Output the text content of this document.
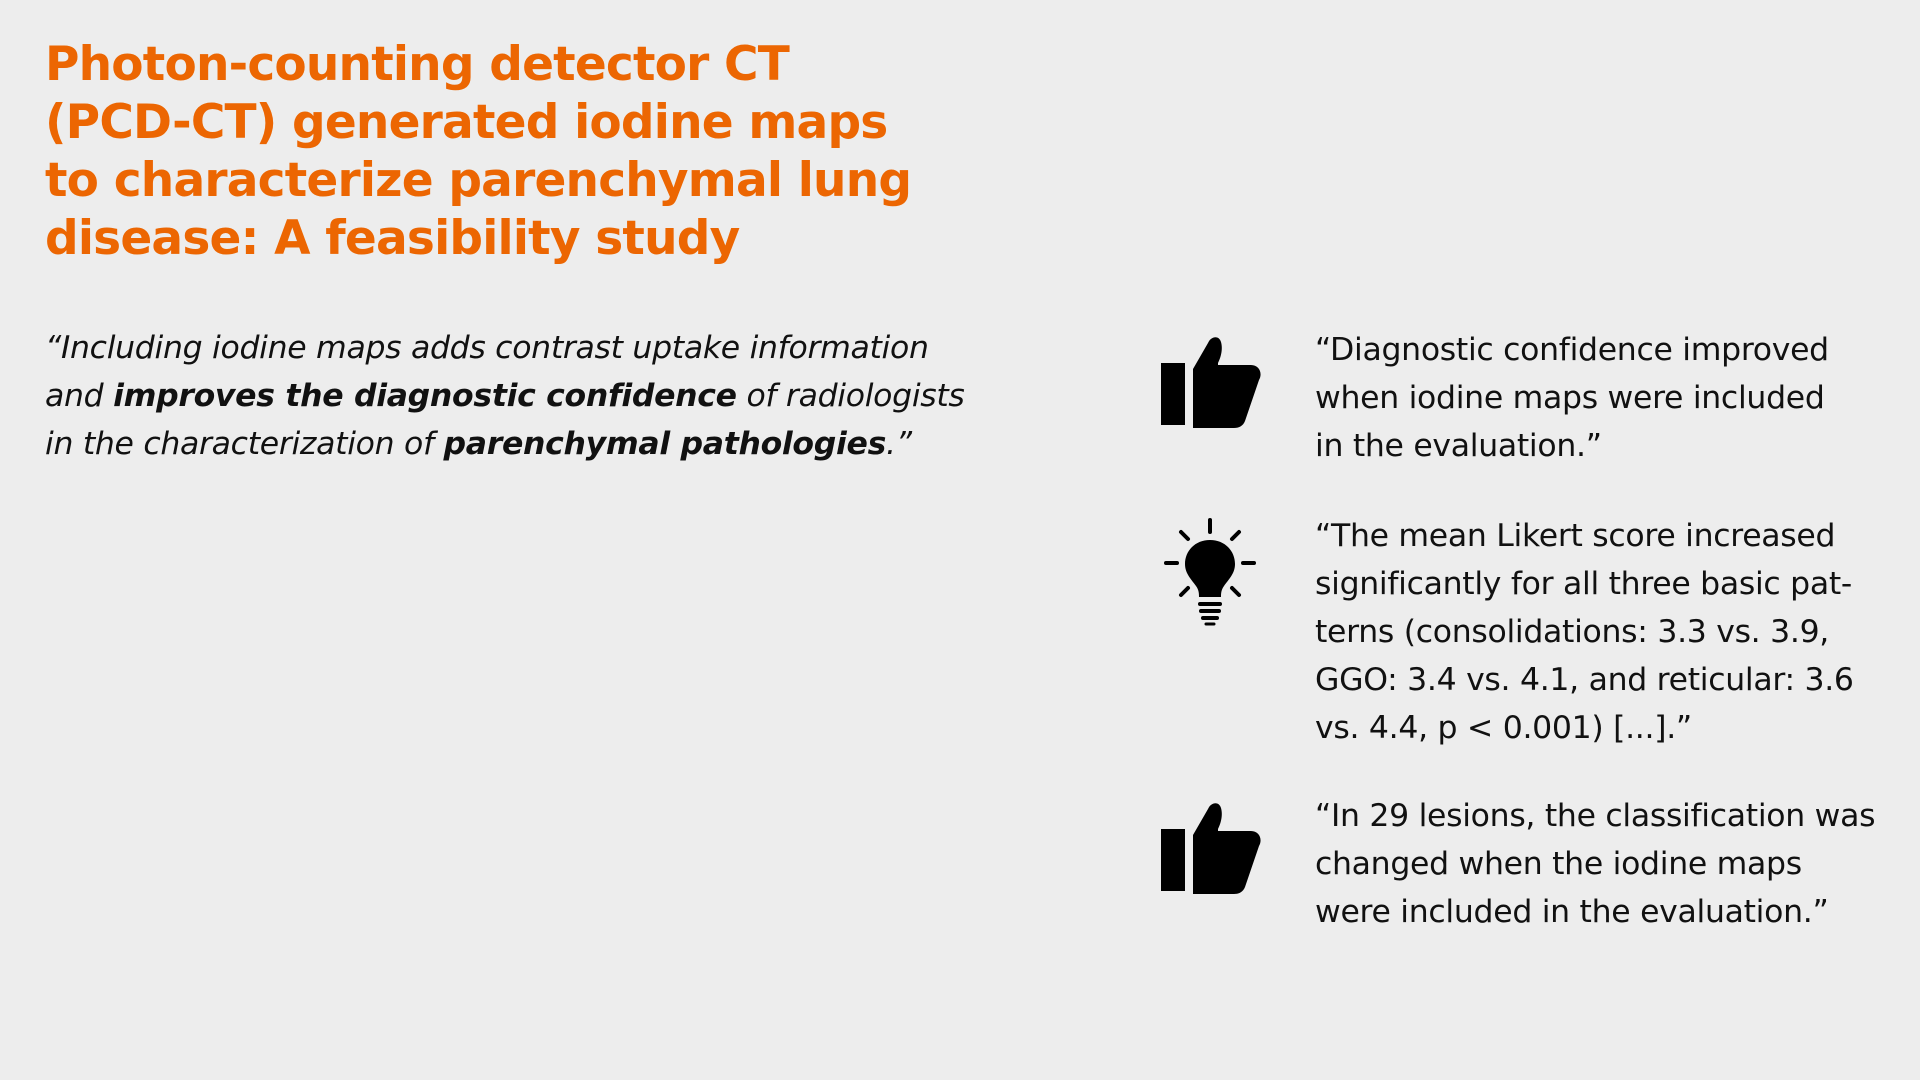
Photon-counting detector CT
(PCD-CT) generated iodine maps
to characterize parenchymal lung
disease: A feasibility study

“Including iodine maps adds contrast uptake information and improves the diagnostic confidence of radiologists in the characterization of parenchymal pathologies.”

“Diagnostic confidence improved
when iodine maps were included
in the evaluation.”
“The mean Likert score increased
significantly for all three basic pat-
terns (consolidations: 3.3 vs. 3.9,
GGO: 3.4 vs. 4.1, and reticular: 3.6
vs. 4.4, p < 0.001) [...].”
“In 29 lesions, the classification was
changed when the iodine maps
were included in the evaluation.”
